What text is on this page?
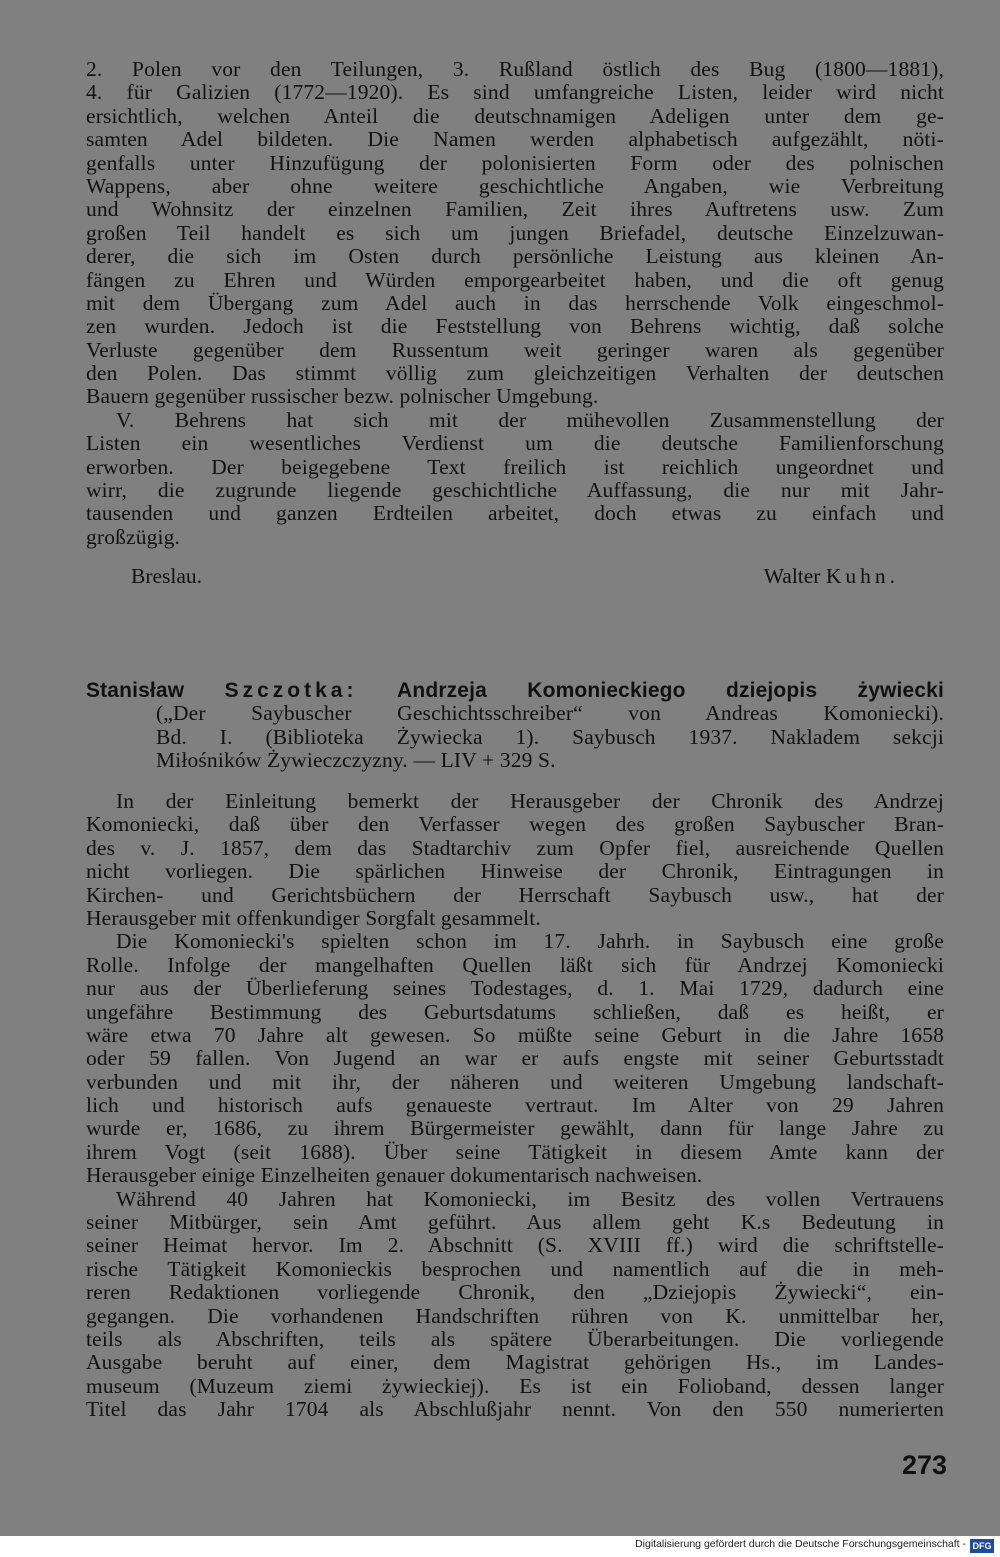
2. Polen vor den Teilungen, 3. Rußland östlich des Bug (1800—1881),
4. für Galizien (1772—1920). Es sind umfangreiche Listen, leider wird nicht
ersichtlich, welchen Anteil die deutschnamigen Adeligen unter dem ge-
samten Adel bildeten. Die Namen werden alphabetisch aufgezählt, nöti-
genfalls unter Hinzufügung der polonisierten Form oder des polnischen
Wappens, aber ohne weitere geschichtliche Angaben, wie Verbreitung
und Wohnsitz der einzelnen Familien, Zeit ihres Auftretens usw. Zum
großen Teil handelt es sich um jungen Briefadel, deutsche Einzelzuwan-
derer, die sich im Osten durch persönliche Leistung aus kleinen An-
fängen zu Ehren und Würden emporgearbeitet haben, und die oft genug
mit dem Übergang zum Adel auch in das herrschende Volk eingeschmol-
zen wurden. Jedoch ist die Feststellung von Behrens wichtig, daß solche
Verluste gegenüber dem Russentum weit geringer waren als gegenüber
den Polen. Das stimmt völlig zum gleichzeitigen Verhalten der deutschen
Bauern gegenüber russischer bezw. polnischer Umgebung.
V. Behrens hat sich mit der mühevollen Zusammenstellung der
Listen ein wesentliches Verdienst um die deutsche Familienforschung
erworben. Der beigegebene Text freilich ist reichlich ungeordnet und
wirr, die zugrunde liegende geschichtliche Auffassung, die nur mit Jahr-
tausenden und ganzen Erdteilen arbeitet, doch etwas zu einfach und
großzügig.
Breslau.	Walter Kuhn.
Stanisław Szczotka: Andrzeja Komonieckiego dziejopis żywiecki
(„Der Saybuscher Geschichtsschreiber“ von Andreas Komoniecki).
Bd. I. (Biblioteka Żywiecka 1). Saybusch 1937. Nakladem sekcji
Miłośników Żywieczczyzny. — LIV + 329 S.
In der Einleitung bemerkt der Herausgeber der Chronik des Andrzej
Komoniecki, daß über den Verfasser wegen des großen Saybuscher Bran-
des v. J. 1857, dem das Stadtarchiv zum Opfer fiel, ausreichende Quellen
nicht vorliegen. Die spärlichen Hinweise der Chronik, Eintragungen in
Kirchen- und Gerichtsbüchern der Herrschaft Saybusch usw., hat der
Herausgeber mit offenkundiger Sorgfalt gesammelt.
Die Komoniecki's spielten schon im 17. Jahrh. in Saybusch eine große
Rolle. Infolge der mangelhaften Quellen läßt sich für Andrzej Komoniecki
nur aus der Überlieferung seines Todestages, d. 1. Mai 1729, dadurch eine
ungefähre Bestimmung des Geburtsdatums schließen, daß es heißt, er
wäre etwa 70 Jahre alt gewesen. So müßte seine Geburt in die Jahre 1658
oder 59 fallen. Von Jugend an war er aufs engste mit seiner Geburtsstadt
verbunden und mit ihr, der näheren und weiteren Umgebung landschaft-
lich und historisch aufs genaueste vertraut. Im Alter von 29 Jahren
wurde er, 1686, zu ihrem Bürgermeister gewählt, dann für lange Jahre zu
ihrem Vogt (seit 1688). Über seine Tätigkeit in diesem Amte kann der
Herausgeber einige Einzelheiten genauer dokumentarisch nachweisen.
Während 40 Jahren hat Komoniecki, im Besitz des vollen Vertrauens
seiner Mitbürger, sein Amt geführt. Aus allem geht K.s Bedeutung in
seiner Heimat hervor. Im 2. Abschnitt (S. XVIII ff.) wird die schriftstelle-
rische Tätigkeit Komonieckis besprochen und namentlich auf die in meh-
reren Redaktionen vorliegende Chronik, den „Dziejopis Żywiecki“, ein-
gegangen. Die vorhandenen Handschriften rühren von K. unmittelbar her,
teils als Abschriften, teils als spätere Überarbeitungen. Die vorliegende
Ausgabe beruht auf einer, dem Magistrat gehörigen Hs., im Landes-
museum (Muzeum ziemi żywieckiej). Es ist ein Folioband, dessen langer
Titel das Jahr 1704 als Abschlußjahr nennt. Von den 550 numerierten
273
Digitalisierung gefördert durch die Deutsche Forschungsgemeinschaft - DFG
